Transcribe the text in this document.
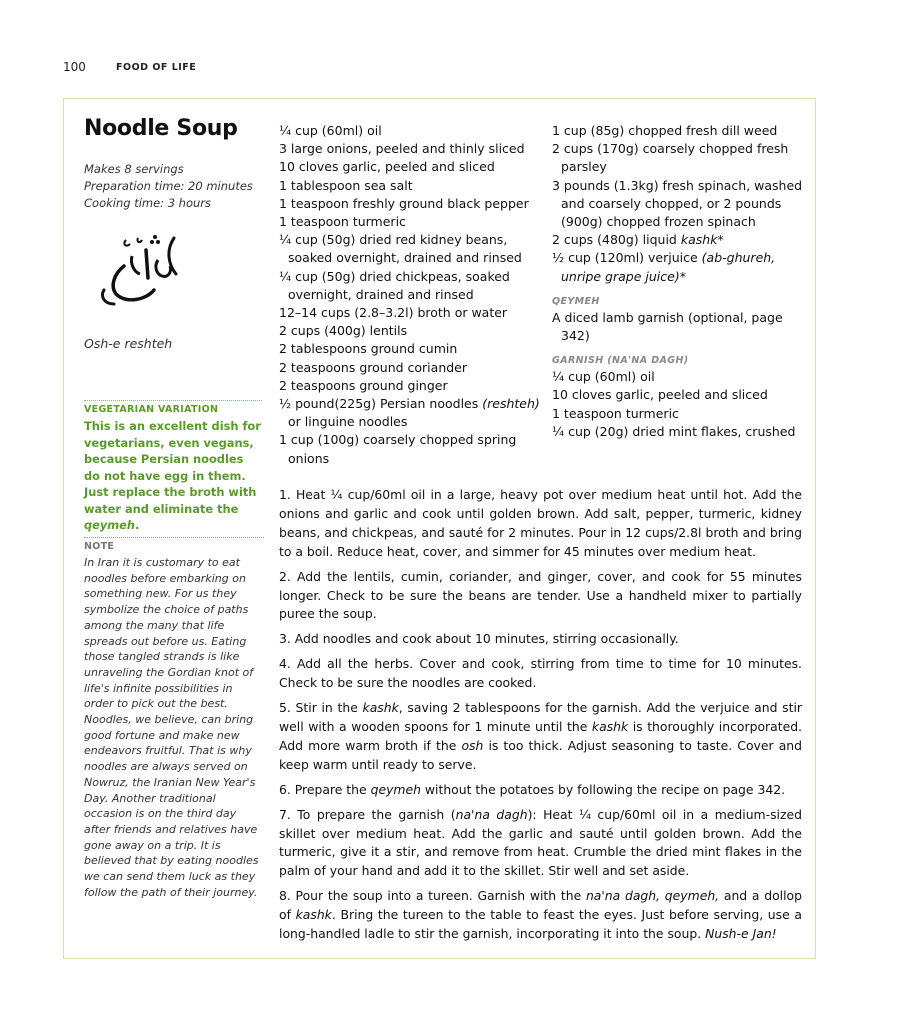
100	FOOD OF LIFE
Noodle Soup
Makes 8 servings
Preparation time: 20 minutes
Cooking time: 3 hours
Osh-e reshteh
VEGETARIAN VARIATION
This is an excellent dish for vegetarians, even vegans, because Persian noodles do not have egg in them. Just replace the broth with water and eliminate the qeymeh.
NOTE
In Iran it is customary to eat noodles before embarking on something new. For us they symbolize the choice of paths among the many that life spreads out before us. Eating those tangled strands is like unraveling the Gordian knot of life's infinite possibilities in order to pick out the best. Noodles, we believe, can bring good fortune and make new endeavors fruitful. That is why noodles are always served on Nowruz, the Iranian New Year's Day. Another traditional occasion is on the third day after friends and relatives have gone away on a trip. It is believed that by eating noodles we can send them luck as they follow the path of their journey.
¼ cup (60ml) oil
3 large onions, peeled and thinly sliced
10 cloves garlic, peeled and sliced
1 tablespoon sea salt
1 teaspoon freshly ground black pepper
1 teaspoon turmeric
¼ cup (50g) dried red kidney beans, soaked overnight, drained and rinsed
¼ cup (50g) dried chickpeas, soaked overnight, drained and rinsed
12–14 cups (2.8–3.2l) broth or water
2 cups (400g) lentils
2 tablespoons ground cumin
2 teaspoons ground coriander
2 teaspoons ground ginger
½ pound(225g) Persian noodles (reshteh) or linguine noodles
1 cup (100g) coarsely chopped spring onions
1 cup (85g) chopped fresh dill weed
2 cups (170g) coarsely chopped fresh parsley
3 pounds (1.3kg) fresh spinach, washed and coarsely chopped, or 2 pounds (900g) chopped frozen spinach
2 cups (480g) liquid kashk*
½ cup (120ml) verjuice (ab-ghureh, unripe grape juice)*
QEYMEH
A diced lamb garnish (optional, page 342)
GARNISH (NA'NA DAGH)
¼ cup (60ml) oil
10 cloves garlic, peeled and sliced
1 teaspoon turmeric
¼ cup (20g) dried mint flakes, crushed

1. Heat ¼ cup/60ml oil in a large, heavy pot over medium heat until hot. Add the onions and garlic and cook until golden brown. Add salt, pepper, turmeric, kidney beans, and chickpeas, and sauté for 2 minutes. Pour in 12 cups/2.8l broth and bring to a boil. Reduce heat, cover, and simmer for 45 minutes over medium heat.

2. Add the lentils, cumin, coriander, and ginger, cover, and cook for 55 minutes longer. Check to be sure the beans are tender. Use a handheld mixer to partially puree the soup.

3. Add noodles and cook about 10 minutes, stirring occasionally.

4. Add all the herbs. Cover and cook, stirring from time to time for 10 minutes. Check to be sure the noodles are cooked.

5. Stir in the kashk, saving 2 tablespoons for the garnish. Add the verjuice and stir well with a wooden spoons for 1 minute until the kashk is thoroughly incorporated. Add more warm broth if the osh is too thick. Adjust seasoning to taste. Cover and keep warm until ready to serve.

6. Prepare the qeymeh without the potatoes by following the recipe on page 342.

7. To prepare the garnish (na'na dagh): Heat ¼ cup/60ml oil in a medium-sized skillet over medium heat. Add the garlic and sauté until golden brown. Add the turmeric, give it a stir, and remove from heat. Crumble the dried mint flakes in the palm of your hand and add it to the skillet. Stir well and set aside.

8. Pour the soup into a tureen. Garnish with the na'na dagh, qeymeh, and a dollop of kashk. Bring the tureen to the table to feast the eyes. Just before serving, use a long-handled ladle to stir the garnish, incorporating it into the soup. Nush-e Jan!
